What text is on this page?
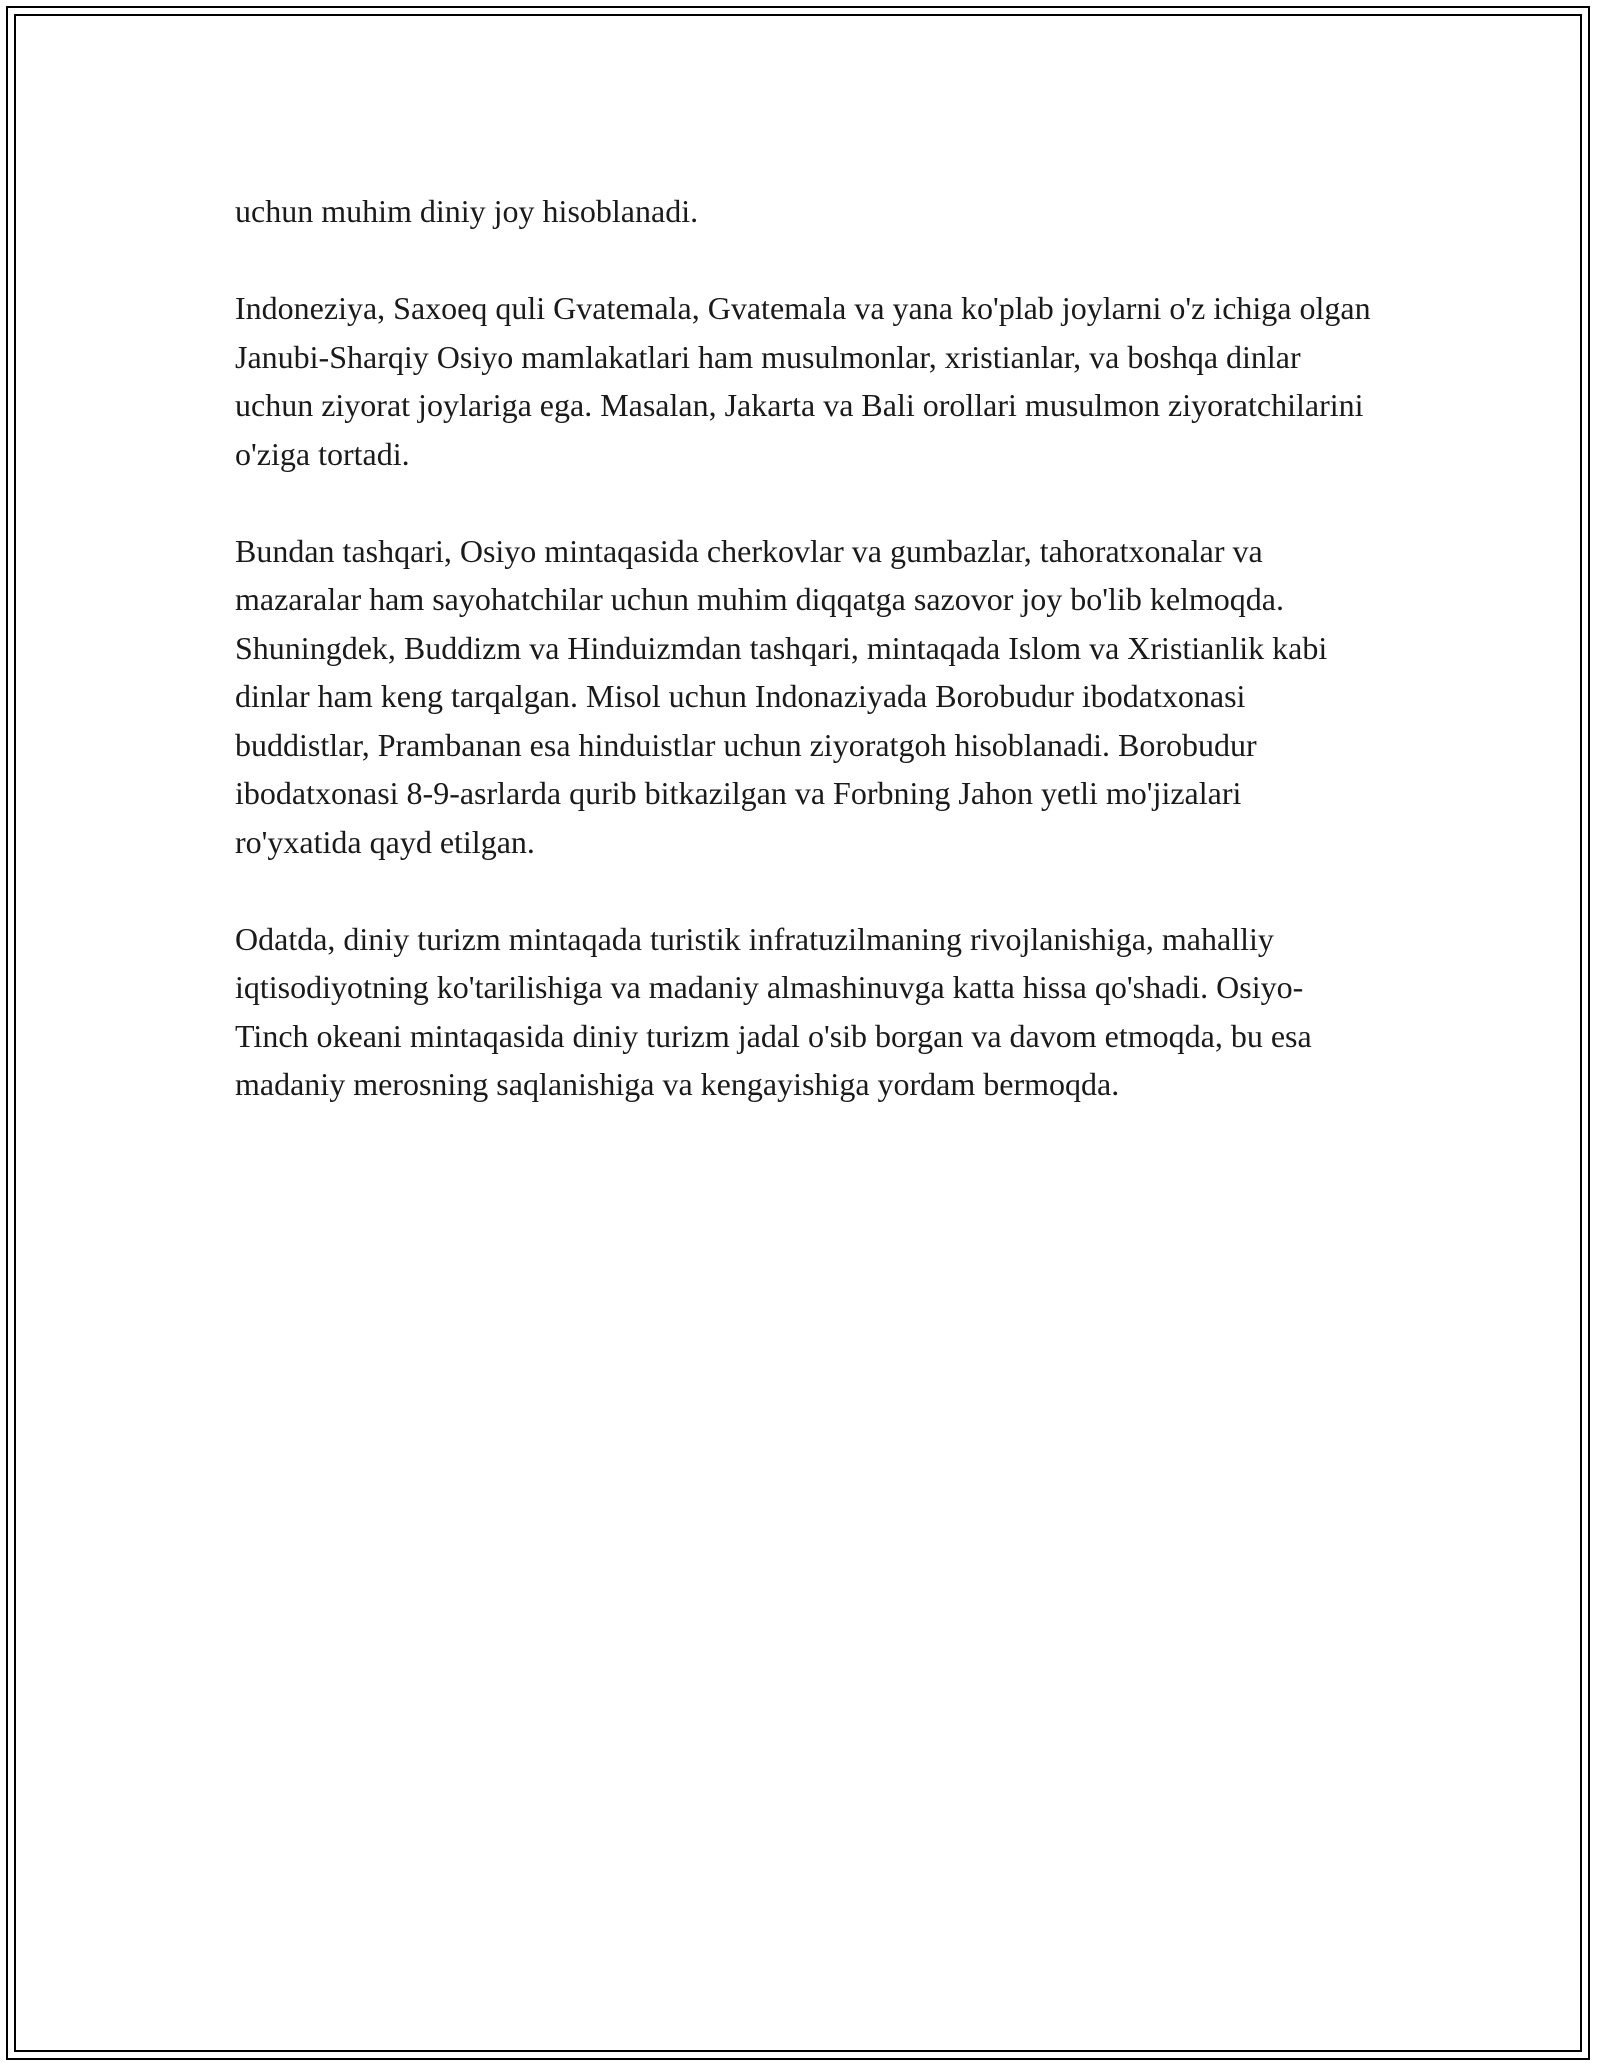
uchun muhim diniy joy hisoblanadi.

Indoneziya, Saxoeq quli Gvatemala, Gvatemala va yana ko'plab joylarni o'z ichiga olgan Janubi-Sharqiy Osiyo mamlakatlari ham musulmonlar, xristianlar, va boshqa dinlar uchun ziyorat joylariga ega. Masalan, Jakarta va Bali orollari musulmon ziyoratchilarini o'ziga tortadi.

Bundan tashqari, Osiyo mintaqasida cherkovlar va gumbazlar, tahoratxonalar va mazaralar ham sayohatchilar uchun muhim diqqatga sazovor joy bo'lib kelmoqda. Shuningdek, Buddizm va Hinduizmdan tashqari, mintaqada Islom va Xristianlik kabi dinlar ham keng tarqalgan. Misol uchun Indonaziyada Borobudur ibodatxonasi buddistlar, Prambanan esa hinduistlar uchun ziyoratgoh hisoblanadi. Borobudur ibodatxonasi 8-9-asrlarda qurib bitkazilgan va Forbning Jahon yetli mo'jizalari ro'yxatida qayd etilgan.

Odatda, diniy turizm mintaqada turistik infratuzilmaning rivojlanishiga, mahalliy iqtisodiyotning ko'tarilishiga va madaniy almashinuvga katta hissa qo'shadi. Osiyo-Tinch okeani mintaqasida diniy turizm jadal o'sib borgan va davom etmoqda, bu esa madaniy merosning saqlanishiga va kengayishiga yordam bermoqda.
